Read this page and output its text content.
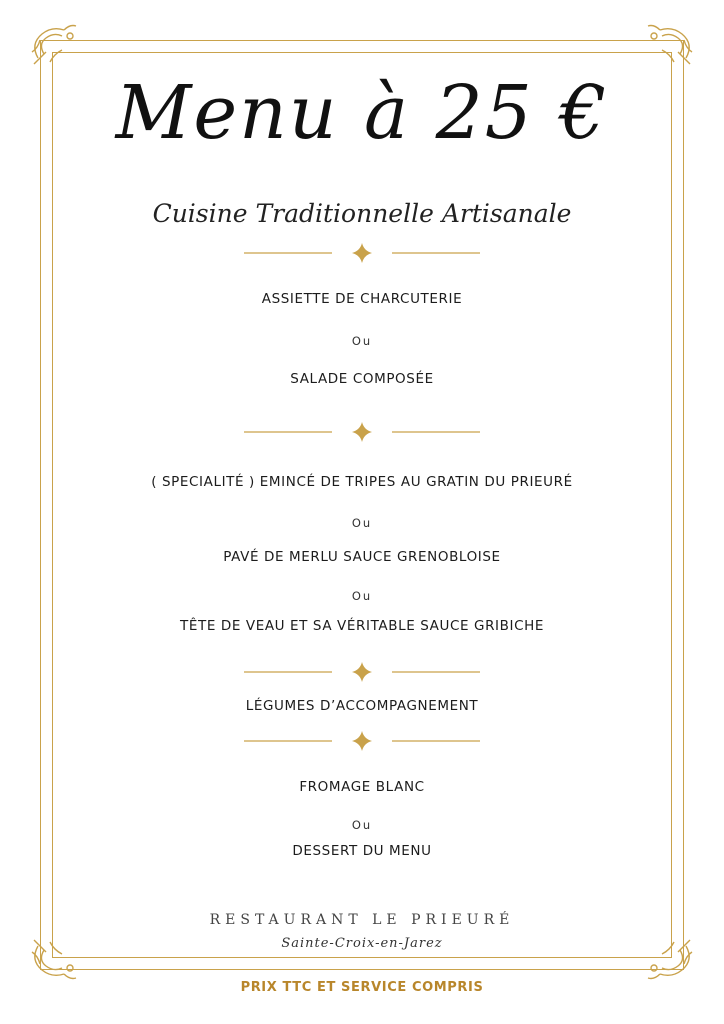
Menu à 25 €
Cuisine Traditionnelle Artisanale
ASSIETTE DE CHARCUTERIE
Ou
SALADE COMPOSÉE
( SPECIALITÉ ) EMINCÉ DE TRIPES AU GRATIN DU PRIEURÉ
Ou
PAVÉ DE MERLU SAUCE GRENOBLOISE
Ou
TÊTE DE VEAU ET SA VÉRITABLE SAUCE GRIBICHE
LÉGUMES D’ACCOMPAGNEMENT
FROMAGE BLANC
Ou
DESSERT DU MENU
RESTAURANT LE PRIEURÉ
Sainte-Croix-en-Jarez
PRIX TTC ET SERVICE COMPRIS
